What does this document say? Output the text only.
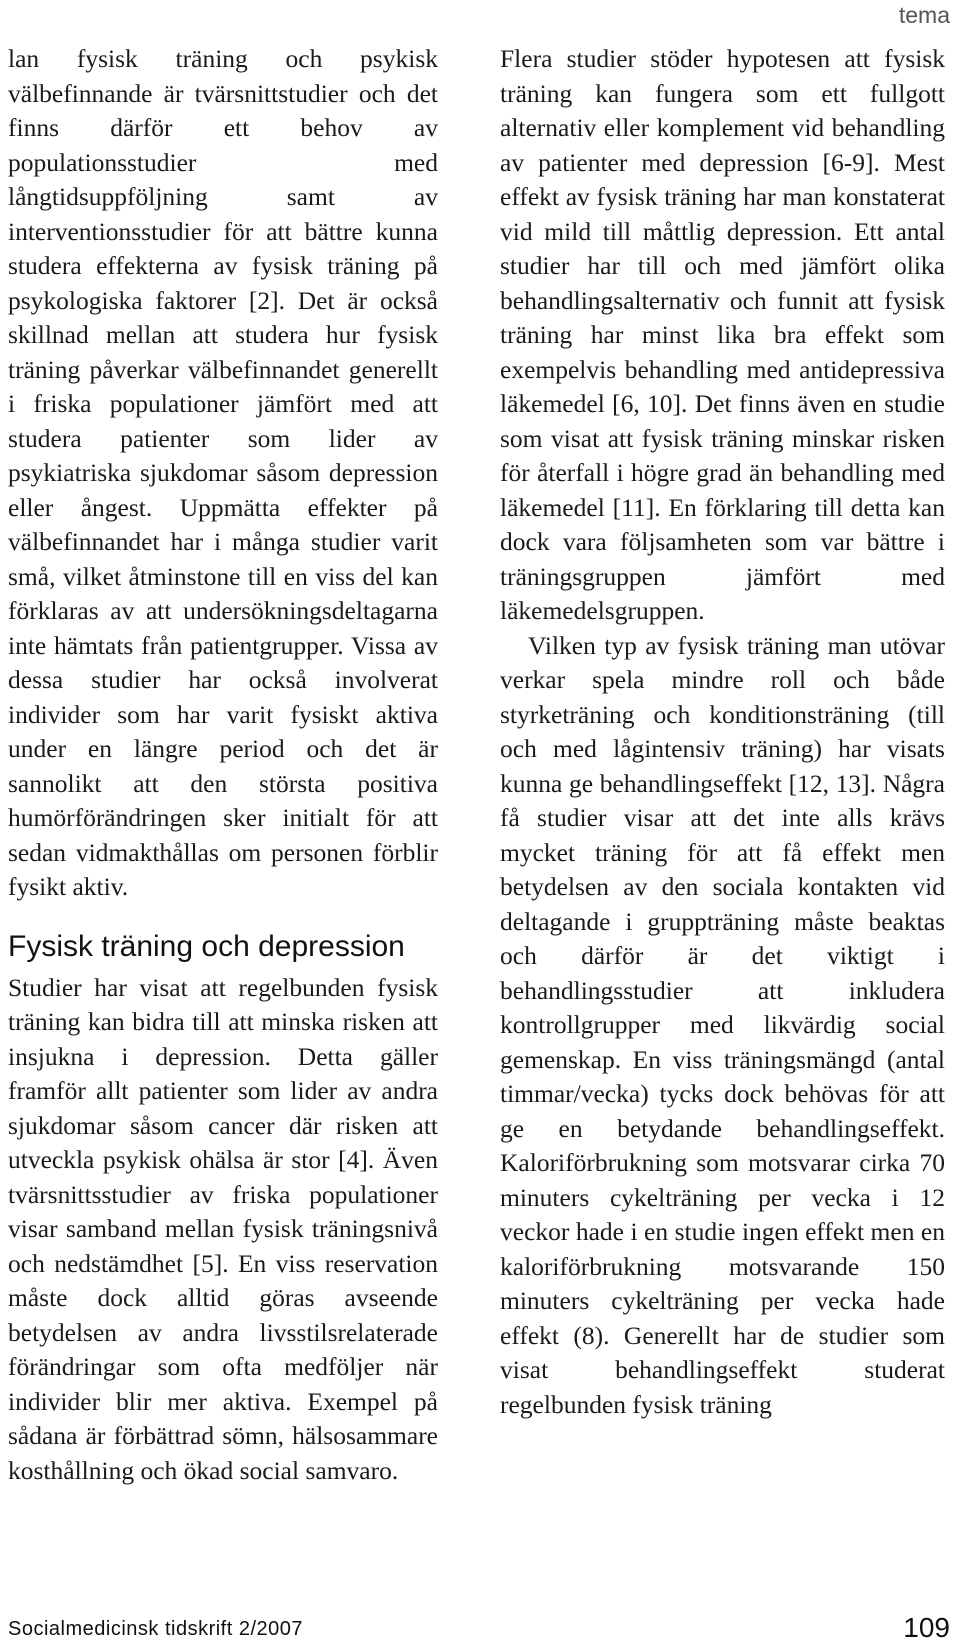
tema

lan fysisk träning och psykisk välbefinnande är tvärsnittstudier och det finns därför ett behov av populationsstudier med långtidsuppföljning samt av interventionsstudier för att bättre kunna studera effekterna av fysisk träning på psykologiska faktorer [2]. Det är också skillnad mellan att studera hur fysisk träning påverkar välbefinnandet generellt i friska populationer jämfört med att studera patienter som lider av psykiatriska sjukdomar såsom depression eller ångest. Uppmätta effekter på välbefinnandet har i många studier varit små, vilket åtminstone till en viss del kan förklaras av att undersökningsdeltagarna inte hämtats från patientgrupper. Vissa av dessa studier har också involverat individer som har varit fysiskt aktiva under en längre period och det är sannolikt att den största positiva humörförändringen sker initialt för att sedan vidmakthållas om personen förblir fysikt aktiv.

Fysisk träning och depression

Studier har visat att regelbunden fysisk träning kan bidra till att minska risken att insjukna i depression. Detta gäller framför allt patienter som lider av andra sjukdomar såsom cancer där risken att utveckla psykisk ohälsa är stor [4]. Även tvärsnittsstudier av friska populationer visar samband mellan fysisk träningsnivå och nedstämdhet [5]. En viss reservation måste dock alltid göras avseende betydelsen av andra livsstilsrelaterade förändringar som ofta medföljer när individer blir mer aktiva. Exempel på sådana är förbättrad sömn, hälsosammare kosthållning och ökad social samvaro.

Flera studier stöder hypotesen att fysisk träning kan fungera som ett fullgott alternativ eller komplement vid behandling av patienter med depression [6-9]. Mest effekt av fysisk träning har man konstaterat vid mild till måttlig depression. Ett antal studier har till och med jämfört olika behandlingsalternativ och funnit att fysisk träning har minst lika bra effekt som exempelvis behandling med antidepressiva läkemedel [6, 10]. Det finns även en studie som visat att fysisk träning minskar risken för återfall i högre grad än behandling med läkemedel [11]. En förklaring till detta kan dock vara följsamheten som var bättre i träningsgruppen jämfört med läkemedelsgruppen.

Vilken typ av fysisk träning man utövar verkar spela mindre roll och både styrketräning och konditionsträning (till och med lågintensiv träning) har visats kunna ge behandlingseffekt [12, 13]. Några få studier visar att det inte alls krävs mycket träning för att få effekt men betydelsen av den sociala kontakten vid deltagande i gruppträning måste beaktas och därför är det viktigt i behandlingsstudier att inkludera kontrollgrupper med likvärdig social gemenskap. En viss träningsmängd (antal timmar/vecka) tycks dock behövas för att ge en betydande behandlingseffekt. Kaloriförbrukning som motsvarar cirka 70 minuters cykelträning per vecka i 12 veckor hade i en studie ingen effekt men en kaloriförbrukning motsvarande 150 minuters cykelträning per vecka hade effekt (8). Generellt har de studier som visat behandlingseffekt studerat regelbunden fysisk träning

Socialmedicinsk tidskrift 2/2007	109
